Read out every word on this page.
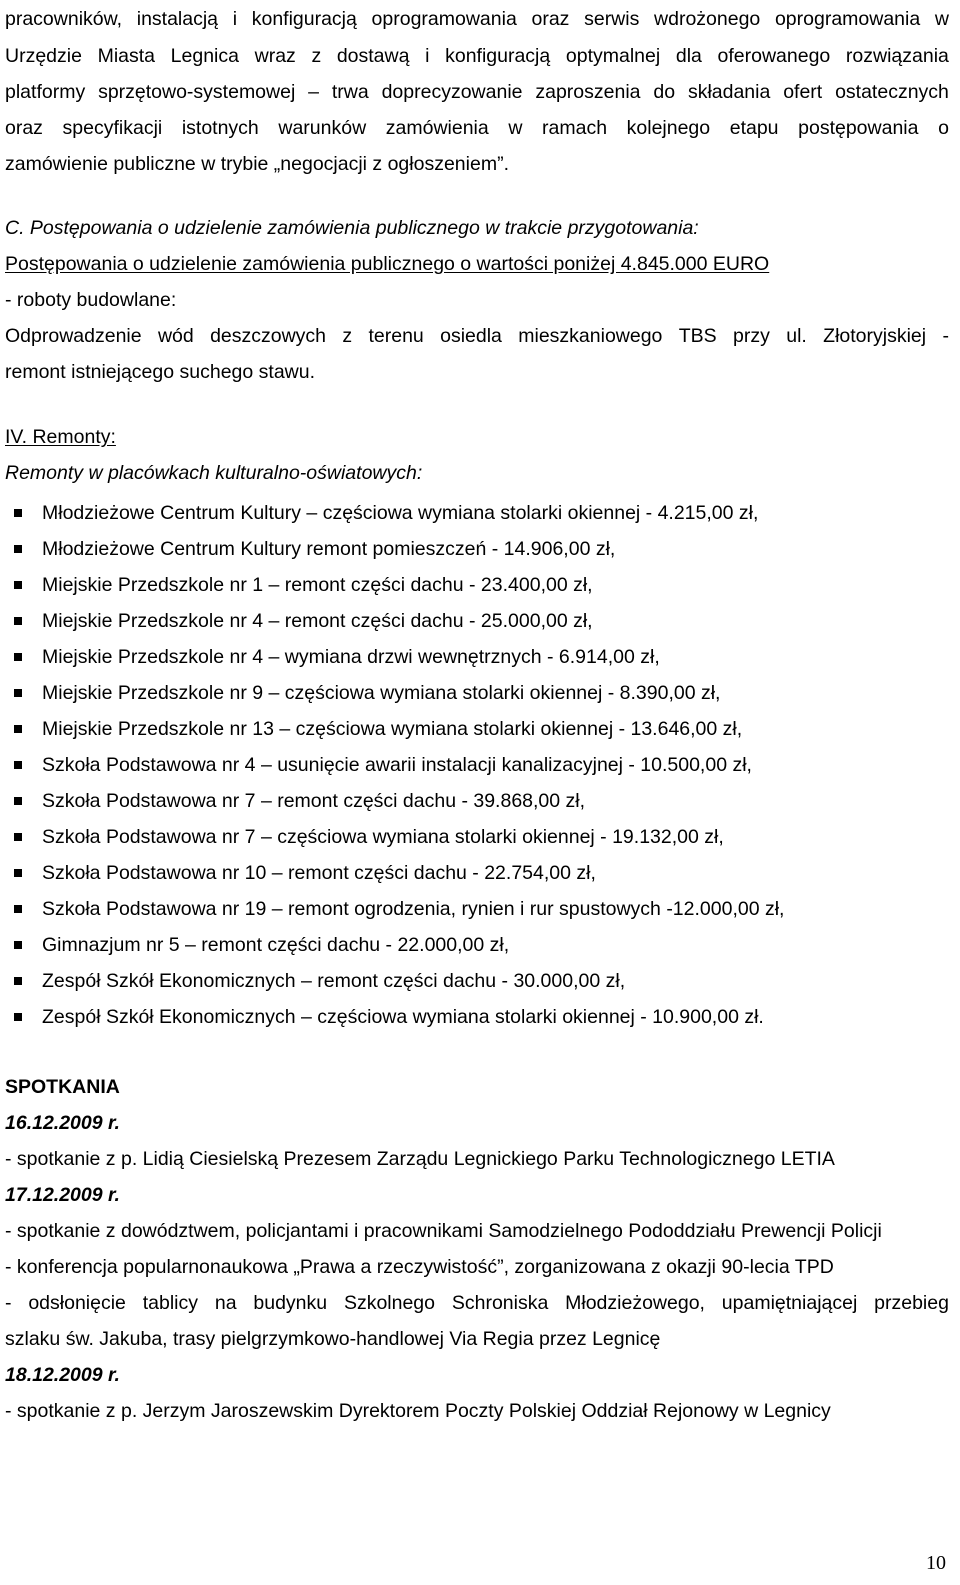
pracowników, instalacją i konfiguracją oprogramowania oraz serwis wdrożonego oprogramowania w
Urzędzie Miasta Legnica wraz z dostawą i konfiguracją optymalnej dla oferowanego rozwiązania
platformy sprzętowo-systemowej – trwa doprecyzowanie zaproszenia do składania ofert ostatecznych
oraz specyfikacji istotnych warunków zamówienia w ramach kolejnego etapu postępowania o
zamówienie publiczne w trybie „negocjacji z ogłoszeniem”.
C. Postępowania o udzielenie zamówienia publicznego w trakcie przygotowania:
Postępowania o udzielenie zamówienia publicznego o wartości poniżej 4.845.000 EURO
- roboty budowlane:
Odprowadzenie wód deszczowych z terenu osiedla mieszkaniowego TBS przy ul. Złotoryjskiej -
remont istniejącego suchego stawu.
IV. Remonty:
Remonty w placówkach kulturalno-oświatowych:
Młodzieżowe Centrum Kultury – częściowa wymiana stolarki okiennej - 4.215,00 zł,
Młodzieżowe Centrum Kultury remont pomieszczeń - 14.906,00 zł,
Miejskie Przedszkole nr 1 – remont części dachu - 23.400,00 zł,
Miejskie Przedszkole nr 4 – remont części dachu - 25.000,00 zł,
Miejskie Przedszkole nr 4 – wymiana drzwi wewnętrznych - 6.914,00 zł,
Miejskie Przedszkole nr 9 – częściowa wymiana stolarki okiennej - 8.390,00 zł,
Miejskie Przedszkole nr 13 – częściowa wymiana stolarki okiennej - 13.646,00 zł,
Szkoła Podstawowa nr 4 – usunięcie awarii instalacji kanalizacyjnej - 10.500,00 zł,
Szkoła Podstawowa nr 7 – remont części dachu - 39.868,00 zł,
Szkoła Podstawowa nr 7 – częściowa wymiana stolarki okiennej - 19.132,00 zł,
Szkoła Podstawowa nr 10 – remont części dachu - 22.754,00 zł,
Szkoła Podstawowa nr 19 – remont ogrodzenia, rynien i rur spustowych -12.000,00 zł,
Gimnazjum nr 5 – remont części dachu - 22.000,00 zł,
Zespół Szkół Ekonomicznych – remont części dachu - 30.000,00 zł,
Zespół Szkół Ekonomicznych – częściowa wymiana stolarki okiennej - 10.900,00 zł.
SPOTKANIA
16.12.2009 r.
- spotkanie z p. Lidią Ciesielską Prezesem Zarządu Legnickiego Parku Technologicznego LETIA
17.12.2009 r.
- spotkanie z dowództwem, policjantami i pracownikami Samodzielnego Pododdziału Prewencji Policji
- konferencja popularnonaukowa „Prawa a rzeczywistość”, zorganizowana z okazji 90-lecia TPD
- odsłonięcie tablicy na budynku Szkolnego Schroniska Młodzieżowego, upamiętniającej przebieg
szlaku św. Jakuba, trasy pielgrzymkowo-handlowej Via Regia przez Legnicę
18.12.2009 r.
- spotkanie z p. Jerzym Jaroszewskim Dyrektorem Poczty Polskiej Oddział Rejonowy w Legnicy
10
